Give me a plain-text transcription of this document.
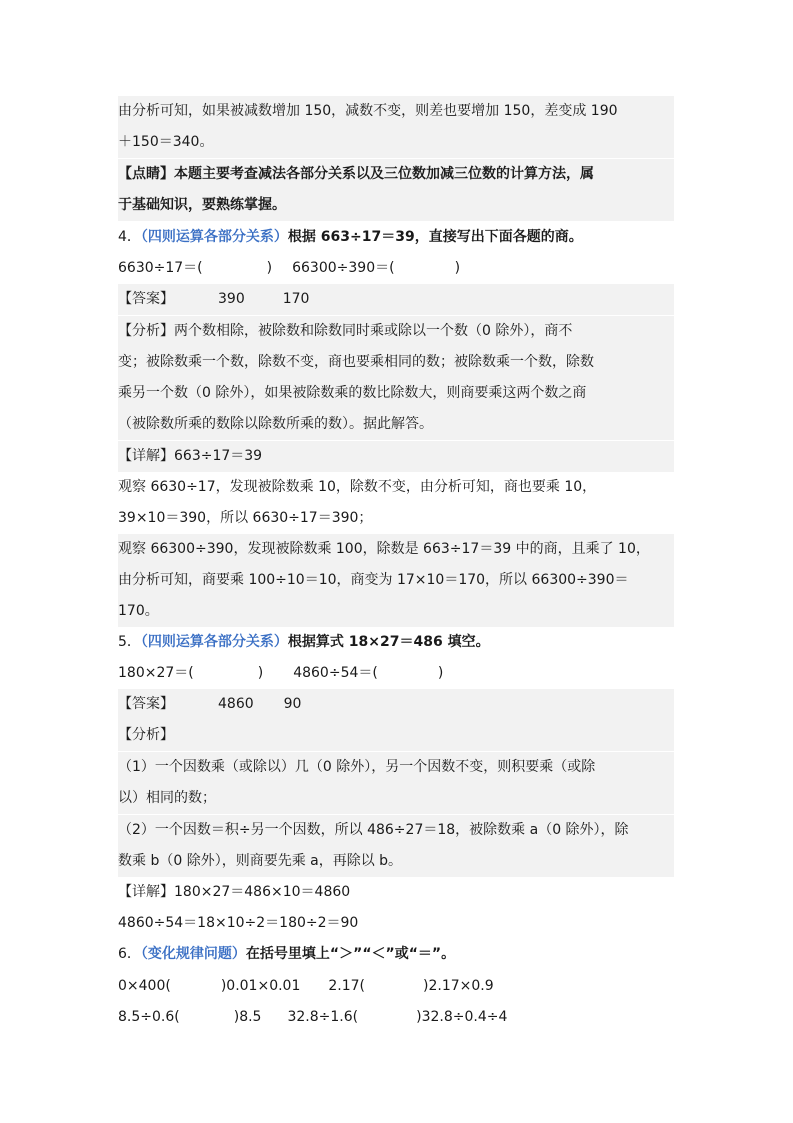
由分析可知，如果被减数增加 150，减数不变，则差也要增加 150，差变成 190
＋150＝340。
【点睛】本题主要考查减法各部分关系以及三位数加减三位数的计算方法，属
于基础知识，要熟练掌握。
4．（四则运算各部分关系）根据 663÷17＝39，直接写出下面各题的商。
6630÷17＝(	) 66300÷390＝(	)
【答案】	390	170
【分析】两个数相除，被除数和除数同时乘或除以一个数（0 除外），商不
变；被除数乘一个数，除数不变，商也要乘相同的数；被除数乘一个数，除数
乘另一个数（0 除外），如果被除数乘的数比除数大，则商要乘这两个数之商
（被除数所乘的数除以除数所乘的数）。据此解答。
【详解】663÷17＝39
观察 6630÷17，发现被除数乘 10，除数不变，由分析可知，商也要乘 10，
39×10＝390，所以 6630÷17＝390；
观察 66300÷390，发现被除数乘 100，除数是 663÷17＝39 中的商，且乘了 10，
由分析可知，商要乘 100÷10＝10，商变为 17×10＝170，所以 66300÷390＝
170。
5．（四则运算各部分关系）根据算式 18×27＝486 填空。
180×27＝(	) 4860÷54＝(	)
【答案】	4860 90
【分析】
（1）一个因数乘（或除以）几（0 除外），另一个因数不变，则积要乘（或除
以）相同的数；
（2）一个因数＝积÷另一个因数，所以 486÷27＝18，被除数乘 a（0 除外），除
数乘 b（0 除外），则商要先乘 a，再除以 b。
【详解】180×27＝486×10＝4860
4860÷54＝18×10÷2＝180÷2＝90
6．（变化规律问题）在括号里填上“＞”“＜”或“＝”。
0×400(	)0.01×0.01 2.17(	)2.17×0.9
8.5÷0.6(	)8.5 32.8÷1.6(	)32.8÷0.4÷4
